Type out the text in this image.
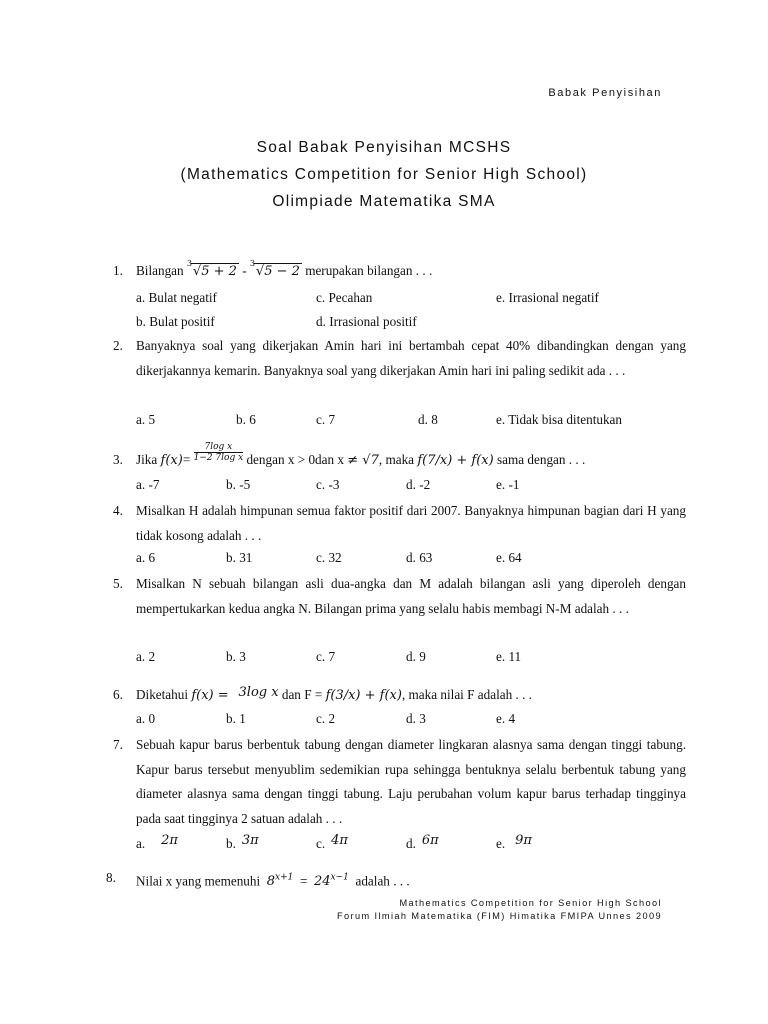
Babak Penyisihan
Soal Babak Penyisihan MCSHS
(Mathematics Competition for Senior High School)
Olimpiade Matematika SMA
1. Bilangan 3
√5 + 2 - 3
√5 − 2 merupakan bilangan . . .
a. Bulat negatif	c. Pecahan	e. Irrasional negatif
b. Bulat positif	d. Irrasional positif
2. Banyaknya soal yang dikerjakan Amin hari ini bertambah cepat 40% dibandingkan dengan yang dikerjakannya kemarin. Banyaknya soal yang dikerjakan Amin hari ini paling sedikit ada . . .
a. 5	b. 6	c. 7	d. 8	e. Tidak bisa ditentukan
3. Jika $f(x)= \frac{\text{7log x}}{\text{1−2 7log x}}$ dengan x > 0dan x ≠ √7, maka f(7/x) + f(x) sama dengan . . .
a. -7	b. -5	c. -3	d. -2	e. -1
4. Misalkan H adalah himpunan semua faktor positif dari 2007. Banyaknya himpunan bagian dari H yang tidak kosong adalah . . .
a. 6	b. 31	c. 32	d. 63	e. 64
5. Misalkan N sebuah bilangan asli dua-angka dan M adalah bilangan asli yang diperoleh dengan mempertukarkan kedua angka N. Bilangan prima yang selalu habis membagi N-M adalah . . .
a. 2	b. 3	c. 7	d. 9	e. 11
6. Diketahui f(x) = 3log x dan F = f(3/x) + f(x), maka nilai F adalah . . .
a. 0	b. 1	c. 2	d. 3	e. 4
7. Sebuah kapur barus berbentuk tabung dengan diameter lingkaran alasnya sama dengan tinggi tabung. Kapur barus tersebut menyublim sedemikian rupa sehingga bentuknya selalu berbentuk tabung yang diameter alasnya sama dengan tinggi tabung. Laju perubahan volum kapur barus terhadap tingginya pada saat tingginya 2 satuan adalah . . .
a. 2π	b. 3π	c. 4π	d. 6π	e. 9π
8. Nilai x yang memenuhi $8^{x+1} = 24^{x-1}$ adalah . . .
Mathematics Competition for Senior High School
Forum Ilmiah Matematika (FIM) Himatika FMIPA Unnes 2009
